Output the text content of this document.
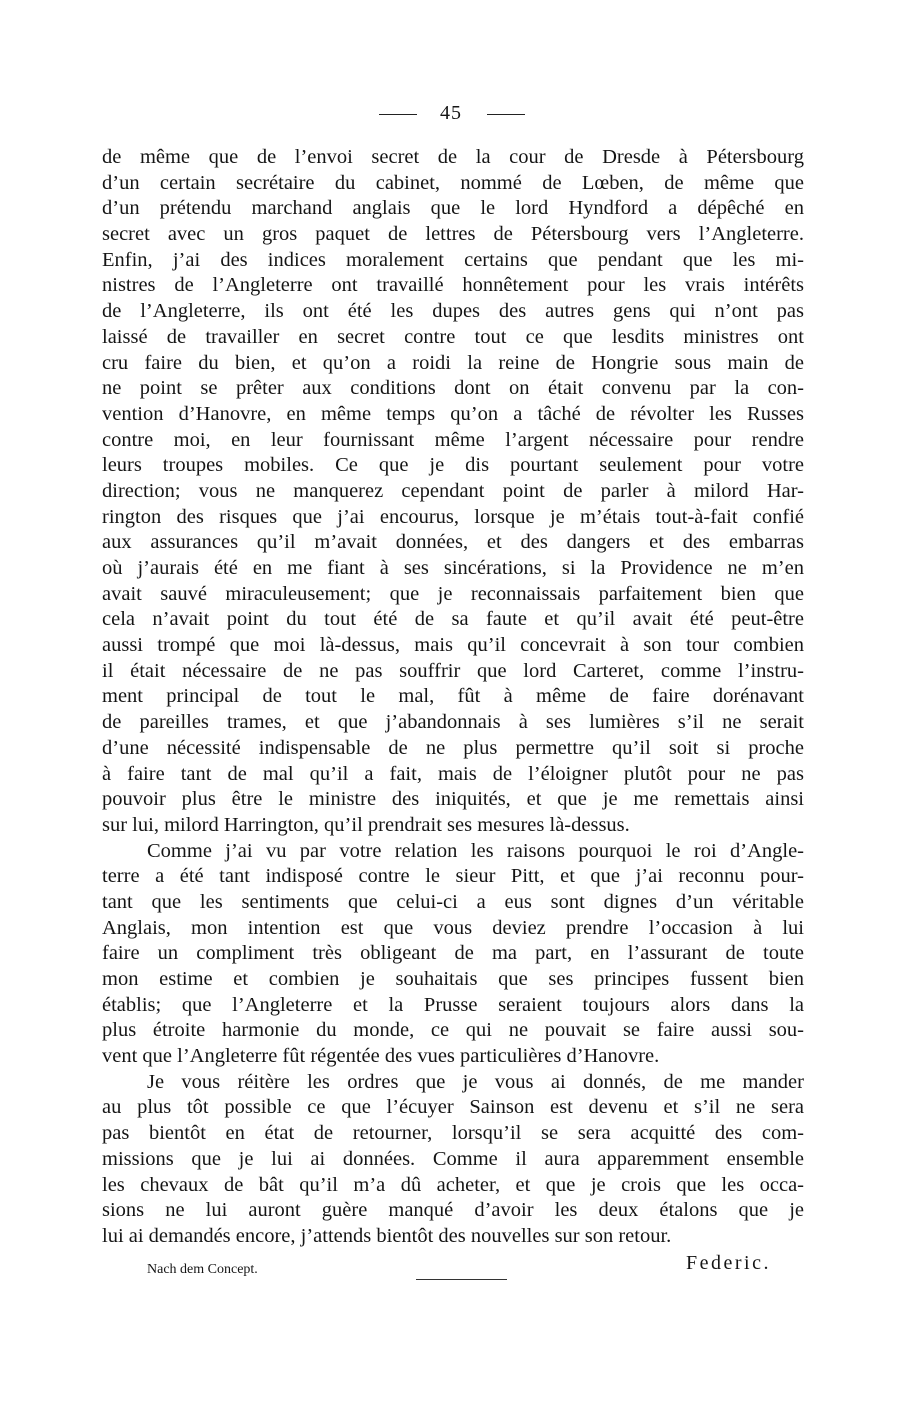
45
de même que de l’envoi secret de la cour de Dresde à Pétersbourg
d’un certain secrétaire du cabinet, nommé de Lœben, de même que
d’un prétendu marchand anglais que le lord Hyndford a dépêché en
secret avec un gros paquet de lettres de Pétersbourg vers l’Angleterre.
Enfin, j’ai des indices moralement certains que pendant que les mi-
nistres de l’Angleterre ont travaillé honnêtement pour les vrais intérêts
de l’Angleterre, ils ont été les dupes des autres gens qui n’ont pas
laissé de travailler en secret contre tout ce que lesdits ministres ont
cru faire du bien, et qu’on a roidi la reine de Hongrie sous main de
ne point se prêter aux conditions dont on était convenu par la con-
vention d’Hanovre, en même temps qu’on a tâché de révolter les Russes
contre moi, en leur fournissant même l’argent nécessaire pour rendre
leurs troupes mobiles. Ce que je dis pourtant seulement pour votre
direction; vous ne manquerez cependant point de parler à milord Har-
rington des risques que j’ai encourus, lorsque je m’étais tout-à-fait confié
aux assurances qu’il m’avait données, et des dangers et des embarras
où j’aurais été en me fiant à ses sincérations, si la Providence ne m’en
avait sauvé miraculeusement; que je reconnaissais parfaitement bien que
cela n’avait point du tout été de sa faute et qu’il avait été peut-être
aussi trompé que moi là-dessus, mais qu’il concevrait à son tour combien
il était nécessaire de ne pas souffrir que lord Carteret, comme l’instru-
ment principal de tout le mal, fût à même de faire dorénavant
de pareilles trames, et que j’abandonnais à ses lumières s’il ne serait
d’une nécessité indispensable de ne plus permettre qu’il soit si proche
à faire tant de mal qu’il a fait, mais de l’éloigner plutôt pour ne pas
pouvoir plus être le ministre des iniquités, et que je me remettais ainsi
sur lui, milord Harrington, qu’il prendrait ses mesures là-dessus.
Comme j’ai vu par votre relation les raisons pourquoi le roi d’Angle-
terre a été tant indisposé contre le sieur Pitt, et que j’ai reconnu pour-
tant que les sentiments que celui-ci a eus sont dignes d’un véritable
Anglais, mon intention est que vous deviez prendre l’occasion à lui
faire un compliment très obligeant de ma part, en l’assurant de toute
mon estime et combien je souhaitais que ses principes fussent bien
établis; que l’Angleterre et la Prusse seraient toujours alors dans la
plus étroite harmonie du monde, ce qui ne pouvait se faire aussi sou-
vent que l’Angleterre fût régentée des vues particulières d’Hanovre.
Je vous réitère les ordres que je vous ai donnés, de me mander
au plus tôt possible ce que l’écuyer Sainson est devenu et s’il ne sera
pas bientôt en état de retourner, lorsqu’il se sera acquitté des com-
missions que je lui ai données. Comme il aura apparemment ensemble
les chevaux de bât qu’il m’a dû acheter, et que je crois que les occa-
sions ne lui auront guère manqué d’avoir les deux étalons que je
lui ai demandés encore, j’attends bientôt des nouvelles sur son retour.
Nach dem Concept.	Federic.
